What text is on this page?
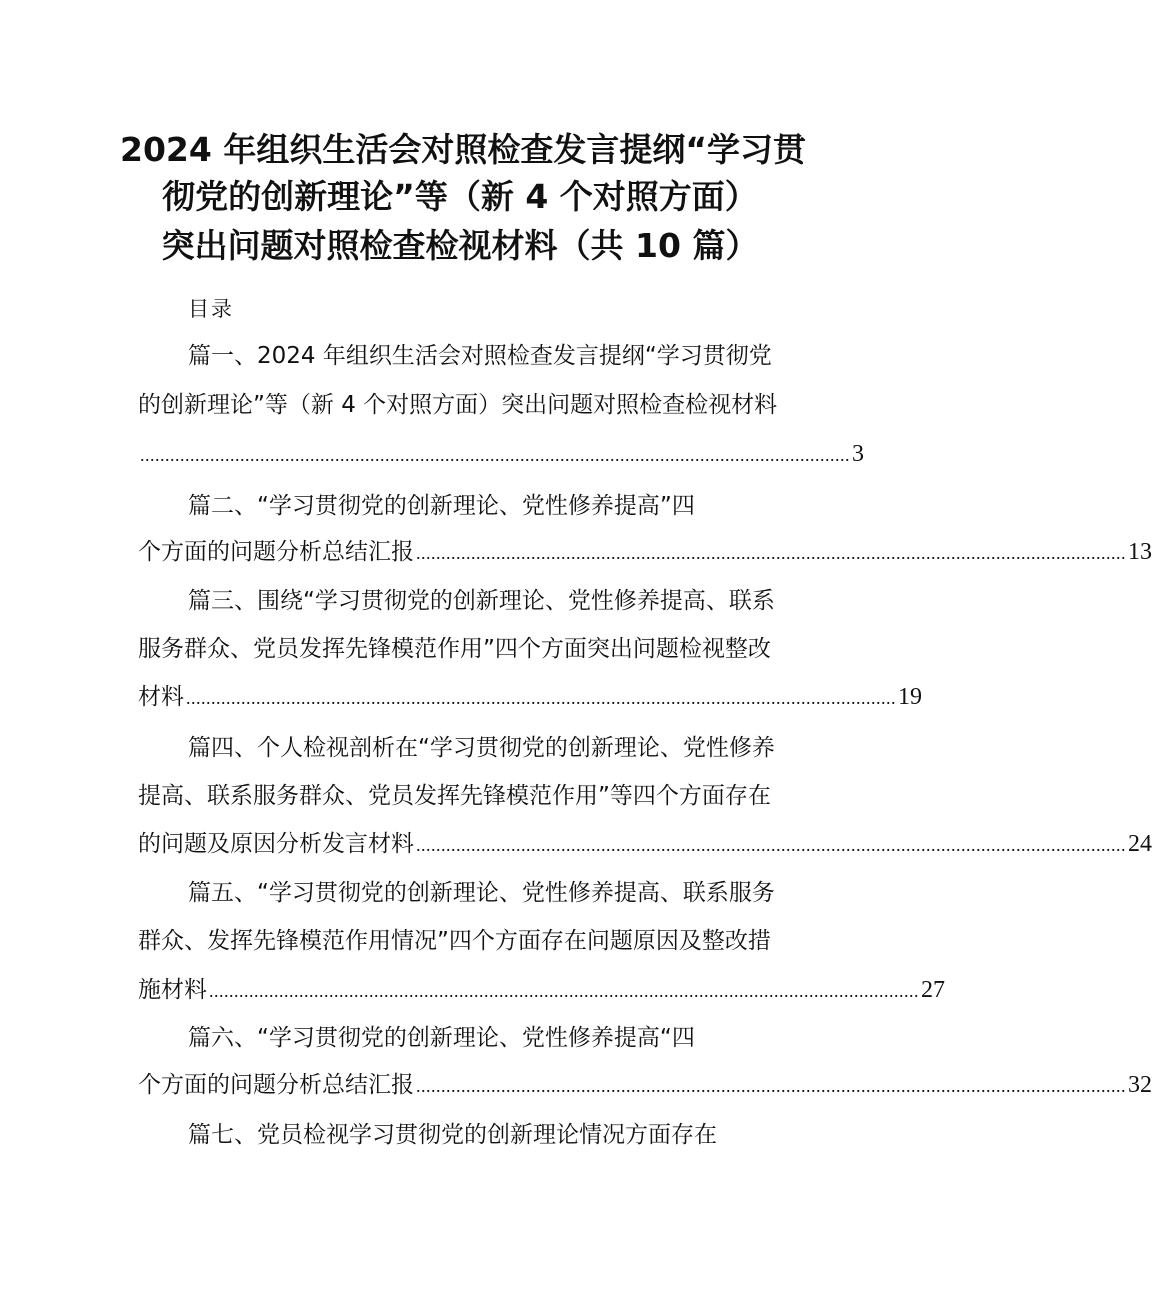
2024 年组织生活会对照检查发言提纲“学习贯
彻党的创新理论”等（新 4 个对照方面）
突出问题对照检查检视材料（共 10 篇）
目录
篇一、2024 年组织生活会对照检查发言提纲“学习贯彻党
的创新理论”等（新 4 个对照方面）突出问题对照检查检视材料
.............................................................................................................................................. 3
篇二、“学习贯彻党的创新理论、党性修养提高”四
个方面的问题分析总结汇报 .............................................................................................................................................. 13
篇三、围绕“学习贯彻党的创新理论、党性修养提高、联系
服务群众、党员发挥先锋模范作用”四个方面突出问题检视整改
材料 .............................................................................................................................................. 19
篇四、个人检视剖析在“学习贯彻党的创新理论、党性修养
提高、联系服务群众、党员发挥先锋模范作用”等四个方面存在
的问题及原因分析发言材料 .............................................................................................................................................. 24
篇五、“学习贯彻党的创新理论、党性修养提高、联系服务
群众、发挥先锋模范作用情况”四个方面存在问题原因及整改措
施材料 .............................................................................................................................................. 27
篇六、“学习贯彻党的创新理论、党性修养提高“四
个方面的问题分析总结汇报 .............................................................................................................................................. 32
篇七、党员检视学习贯彻党的创新理论情况方面存在
